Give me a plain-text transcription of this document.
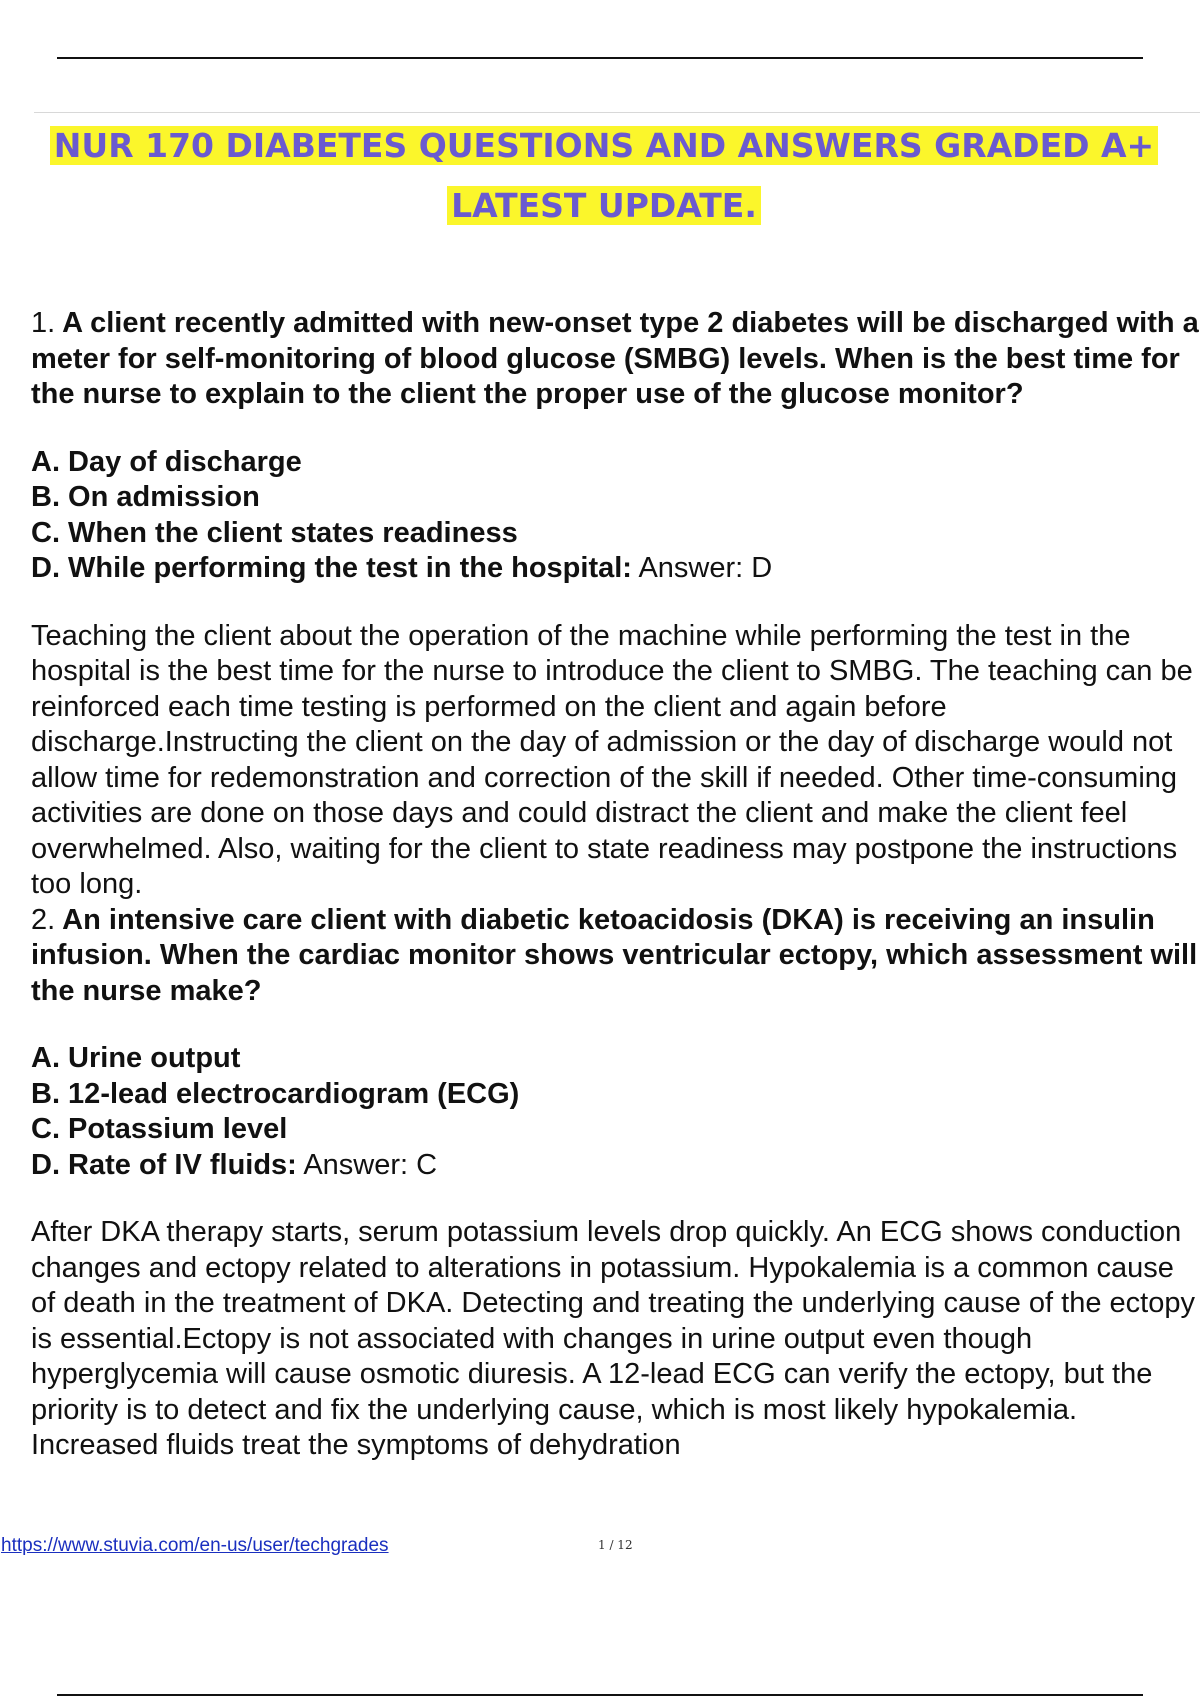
NUR 170 DIABETES QUESTIONS AND ANSWERS GRADED A+
LATEST UPDATE.

1. A client recently admitted with new-onset type 2 diabetes will be discharged with a meter for self-monitoring of blood glucose (SMBG) levels. When is the best time for the nurse to explain to the client the proper use of the glucose monitor?

A. Day of discharge

B. On admission

C. When the client states readiness

D. While performing the test in the hospital: Answer: D

Teaching the client about the operation of the machine while performing the test in the hospital is the best time for the nurse to introduce the client to SMBG. The teaching can be reinforced each time testing is performed on the client and again before discharge.Instructing the client on the day of admission or the day of discharge would not allow time for redemonstration and correction of the skill if needed. Other time-consuming activities are done on those days and could distract the client and make the client feel overwhelmed. Also, waiting for the client to state readiness may postpone the instructions too long.

2. An intensive care client with diabetic ketoacidosis (DKA) is receiving an insulin infusion. When the cardiac monitor shows ventricular ectopy, which assessment will the nurse make?

A. Urine output

B. 12-lead electrocardiogram (ECG)

C. Potassium level

D. Rate of IV fluids: Answer: C

After DKA therapy starts, serum potassium levels drop quickly. An ECG shows conduction changes and ectopy related to alterations in potassium. Hypokalemia is a common cause of death in the treatment of DKA. Detecting and treating the underlying cause of the ectopy is essential.Ectopy is not associated with changes in urine output even though hyperglycemia will cause osmotic diuresis. A 12-lead ECG can verify the ectopy, but the priority is to detect and fix the underlying cause, which is most likely hypokalemia. Increased fluids treat the symptoms of dehydration

https://www.stuvia.com/en-us/user/techgrades	1 / 12
